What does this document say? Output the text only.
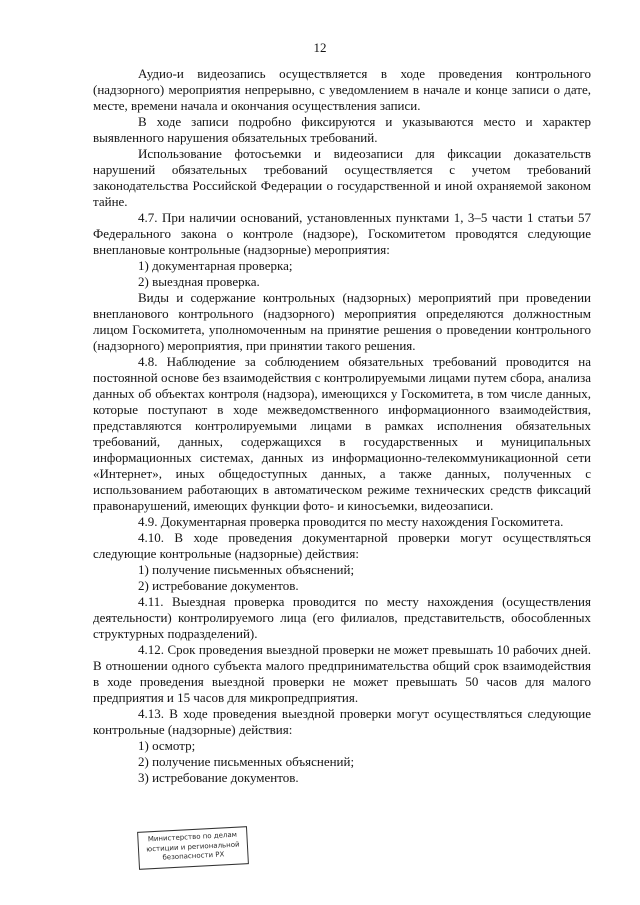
12

Аудио-и видеозапись осуществляется в ходе проведения контрольного (надзорного) мероприятия непрерывно, с уведомлением в начале и конце записи о дате, месте, времени начала и окончания осуществления записи.

В ходе записи подробно фиксируются и указываются место и характер выявленного нарушения обязательных требований.

Использование фотосъемки и видеозаписи для фиксации доказательств нарушений обязательных требований осуществляется с учетом требований законодательства Российской Федерации о государственной и иной охраняемой законом тайне.

4.7. При наличии оснований, установленных пунктами 1, 3–5 части 1 статьи 57 Федерального закона о контроле (надзоре), Госкомитетом проводятся следующие внеплановые контрольные (надзорные) мероприятия:

1) документарная проверка;

2) выездная проверка.

Виды и содержание контрольных (надзорных) мероприятий при проведении внепланового контрольного (надзорного) мероприятия определяются должностным лицом Госкомитета, уполномоченным на принятие решения о проведении контрольного (надзорного) мероприятия, при принятии такого решения.

4.8. Наблюдение за соблюдением обязательных требований проводится на постоянной основе без взаимодействия с контролируемыми лицами путем сбора, анализа данных об объектах контроля (надзора), имеющихся у Госкомитета, в том числе данных, которые поступают в ходе межведомственного информационного взаимодействия, представляются контролируемыми лицами в рамках исполнения обязательных требований, данных, содержащихся в государственных и муниципальных информационных системах, данных из информационно-телекоммуникационной сети «Интернет», иных общедоступных данных, а также данных, полученных с использованием работающих в автоматическом режиме технических средств фиксаций правонарушений, имеющих функции фото- и киносъемки, видеозаписи.

4.9. Документарная проверка проводится по месту нахождения Госкомитета.

4.10. В ходе проведения документарной проверки могут осуществляться следующие контрольные (надзорные) действия:

1) получение письменных объяснений;

2) истребование документов.

4.11. Выездная проверка проводится по месту нахождения (осуществления деятельности) контролируемого лица (его филиалов, представительств, обособленных структурных подразделений).

4.12. Срок проведения выездной проверки не может превышать 10 рабочих дней. В отношении одного субъекта малого предпринимательства общий срок взаимодействия в ходе проведения выездной проверки не может превышать 50 часов для малого предприятия и 15 часов для микропредприятия.

4.13. В ходе проведения выездной проверки могут осуществляться следующие контрольные (надзорные) действия:

1) осмотр;

2) получение письменных объяснений;

3) истребование документов.

Министерство по делам
юстиции и региональной
безопасности РХ
